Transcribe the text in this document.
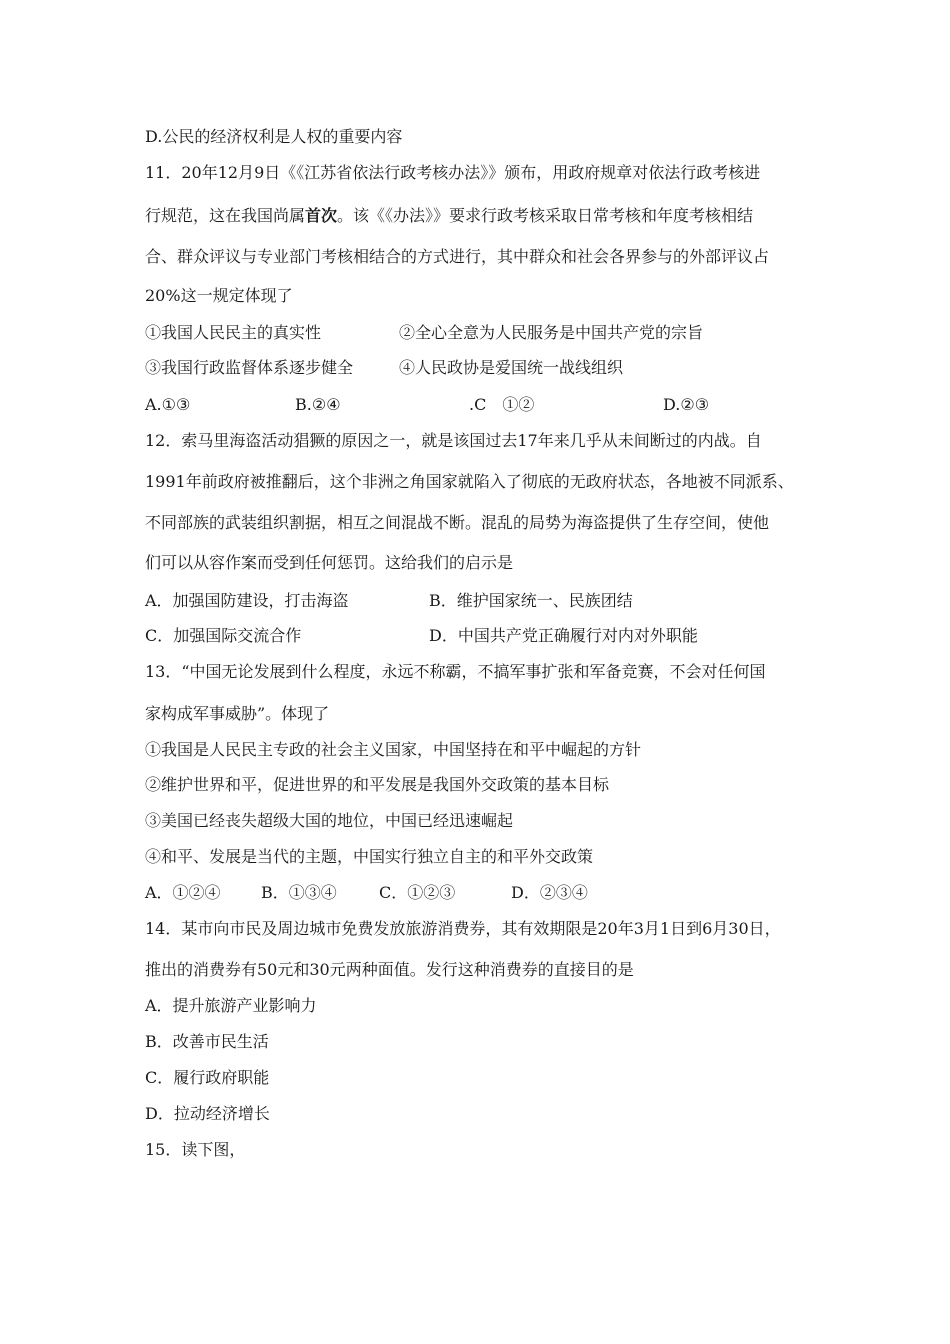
D.公民的经济权利是人权的重要内容
11．20年12月9日《《江苏省依法行政考核办法》》颁布，用政府规章对依法行政考核进
行规范，这在我国尚属首次。该《《办法》》要求行政考核采取日常考核和年度考核相结
合、群众评议与专业部门考核相结合的方式进行，其中群众和社会各界参与的外部评议占
20%这一规定体现了
①我国人民民主的真实性	②全心全意为人民服务是中国共产党的宗旨
③我国行政监督体系逐步健全	④人民政协是爱国统一战线组织
A.①③	B.②④	.C　①②	D.②③
12．索马里海盗活动猖獗的原因之一，就是该国过去17年来几乎从未间断过的内战。自
1991年前政府被推翻后，这个非洲之角国家就陷入了彻底的无政府状态，各地被不同派系、
不同部族的武装组织割据，相互之间混战不断。混乱的局势为海盗提供了生存空间，使他
们可以从容作案而受到任何惩罚。这给我们的启示是
A．加强国防建设，打击海盗	B．维护国家统一、民族团结
C．加强国际交流合作	D．中国共产党正确履行对内对外职能
13．“中国无论发展到什么程度，永远不称霸，不搞军事扩张和军备竞赛，不会对任何国
家构成军事威胁”。体现了
①我国是人民民主专政的社会主义国家，中国坚持在和平中崛起的方针
②维护世界和平，促进世界的和平发展是我国外交政策的基本目标
③美国已经丧失超级大国的地位，中国已经迅速崛起
④和平、发展是当代的主题，中国实行独立自主的和平外交政策
A．①②④	B．①③④	C．①②③	D．②③④
14．某市向市民及周边城市免费发放旅游消费券，其有效期限是20年3月1日到6月30日，
推出的消费券有50元和30元两种面值。发行这种消费券的直接目的是
A．提升旅游产业影响力
B．改善市民生活
C．履行政府职能
D．拉动经济增长
15．读下图，
